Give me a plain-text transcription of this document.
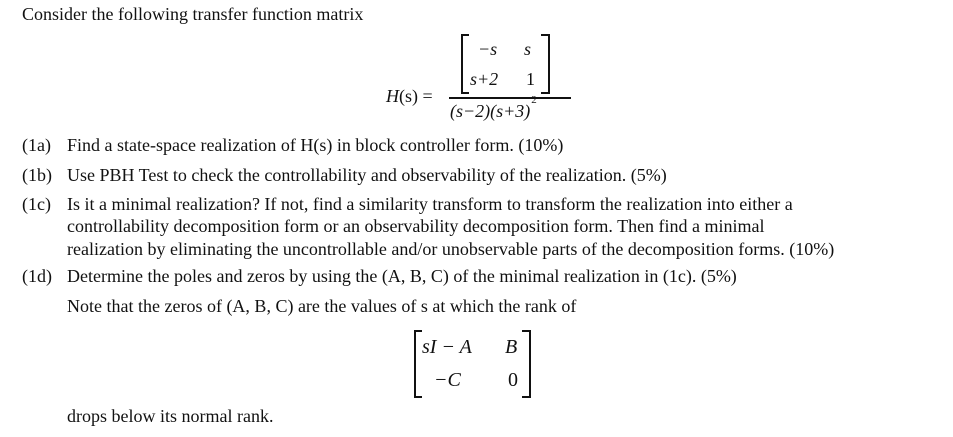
Consider the following transfer function matrix
H(s) =
−s s
s+2 1
$(s-2)(s+3)^2$
(1a) Find a state-space realization of H(s) in block controller form. (10%)
(1b) Use PBH Test to check the controllability and observability of the realization. (5%)
(1c) Is it a minimal realization? If not, find a similarity transform to transform the realization into either a
controllability decomposition form or an observability decomposition form. Then find a minimal
realization by eliminating the uncontrollable and/or unobservable parts of the decomposition forms. (10%)
(1d) Determine the poles and zeros by using the (A, B, C) of the minimal realization in (1c). (5%)
Note that the zeros of (A, B, C) are the values of s at which the rank of
sI − A B
−C 0
drops below its normal rank.
